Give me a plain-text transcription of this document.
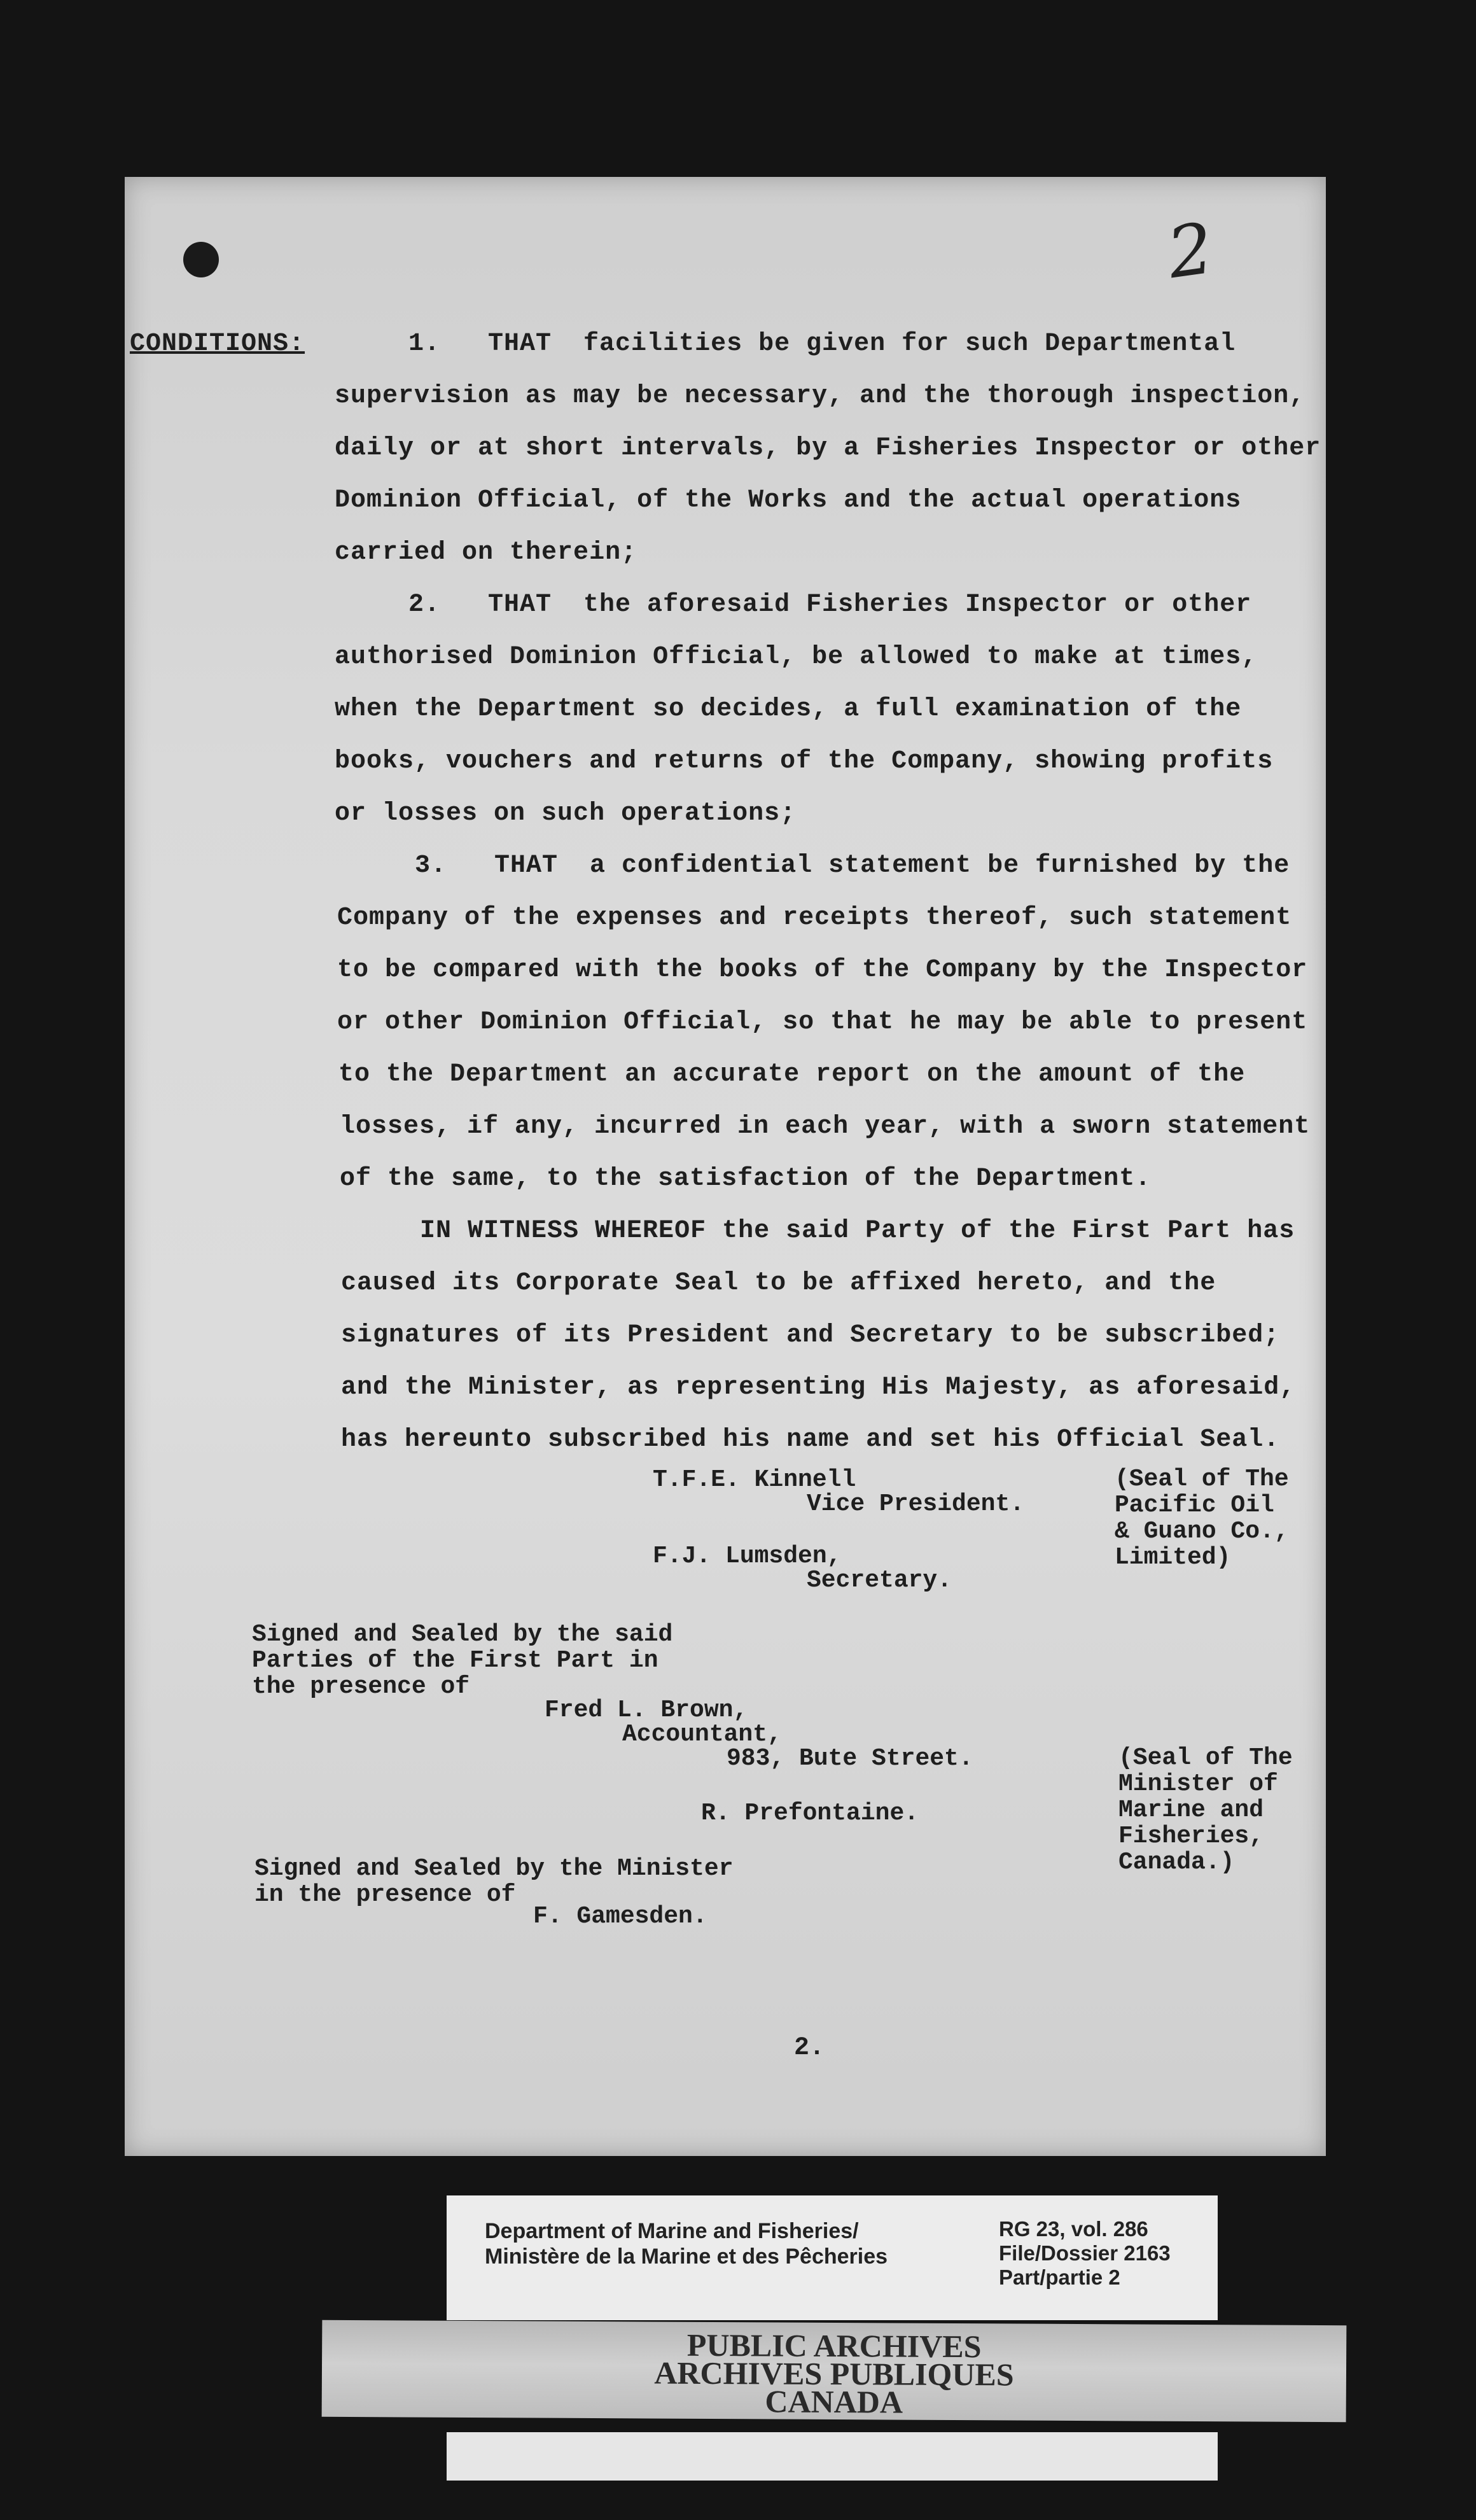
2
CONDITIONS:	1.   THAT  facilities be given for such Departmental
supervision as may be necessary, and the thorough inspection,
daily or at short intervals, by a Fisheries Inspector or other
Dominion Official, of the Works and the actual operations
carried on therein;
2.   THAT  the aforesaid Fisheries Inspector or other
authorised Dominion Official, be allowed to make at times,
when the Department so decides, a full examination of the
books, vouchers and returns of the Company, showing profits
or losses on such operations;
3.   THAT  a confidential statement be furnished by the
Company of the expenses and receipts thereof, such statement
to be compared with the books of the Company by the Inspector
or other Dominion Official, so that he may be able to present
to the Department an accurate report on the amount of the
losses, if any, incurred in each year, with a sworn statement
of the same, to the satisfaction of the Department.
IN WITNESS WHEREOF the said Party of the First Part has
caused its Corporate Seal to be affixed hereto, and the
signatures of its President and Secretary to be subscribed;
and the Minister, as representing His Majesty, as aforesaid,
has hereunto subscribed his name and set his Official Seal.
T.F.E. Kinnell
Vice President.
(Seal of The
Pacific Oil
& Guano Co.,
Limited)
F.J. Lumsden,
Secretary.
Signed and Sealed by the said
Parties of the First Part in
the presence of
Fred L. Brown,
Accountant,
983, Bute Street.	(Seal of The
Minister of
Marine and
Fisheries,
Canada.)
R. Prefontaine.
Signed and Sealed by the Minister
in the presence of
F. Gamesden.
2.
Department of Marine and Fisheries/
Ministère de la Marine et des Pêcheries
RG 23, vol. 286
File/Dossier 2163
Part/partie 2
PUBLIC ARCHIVES
ARCHIVES PUBLIQUES
CANADA
